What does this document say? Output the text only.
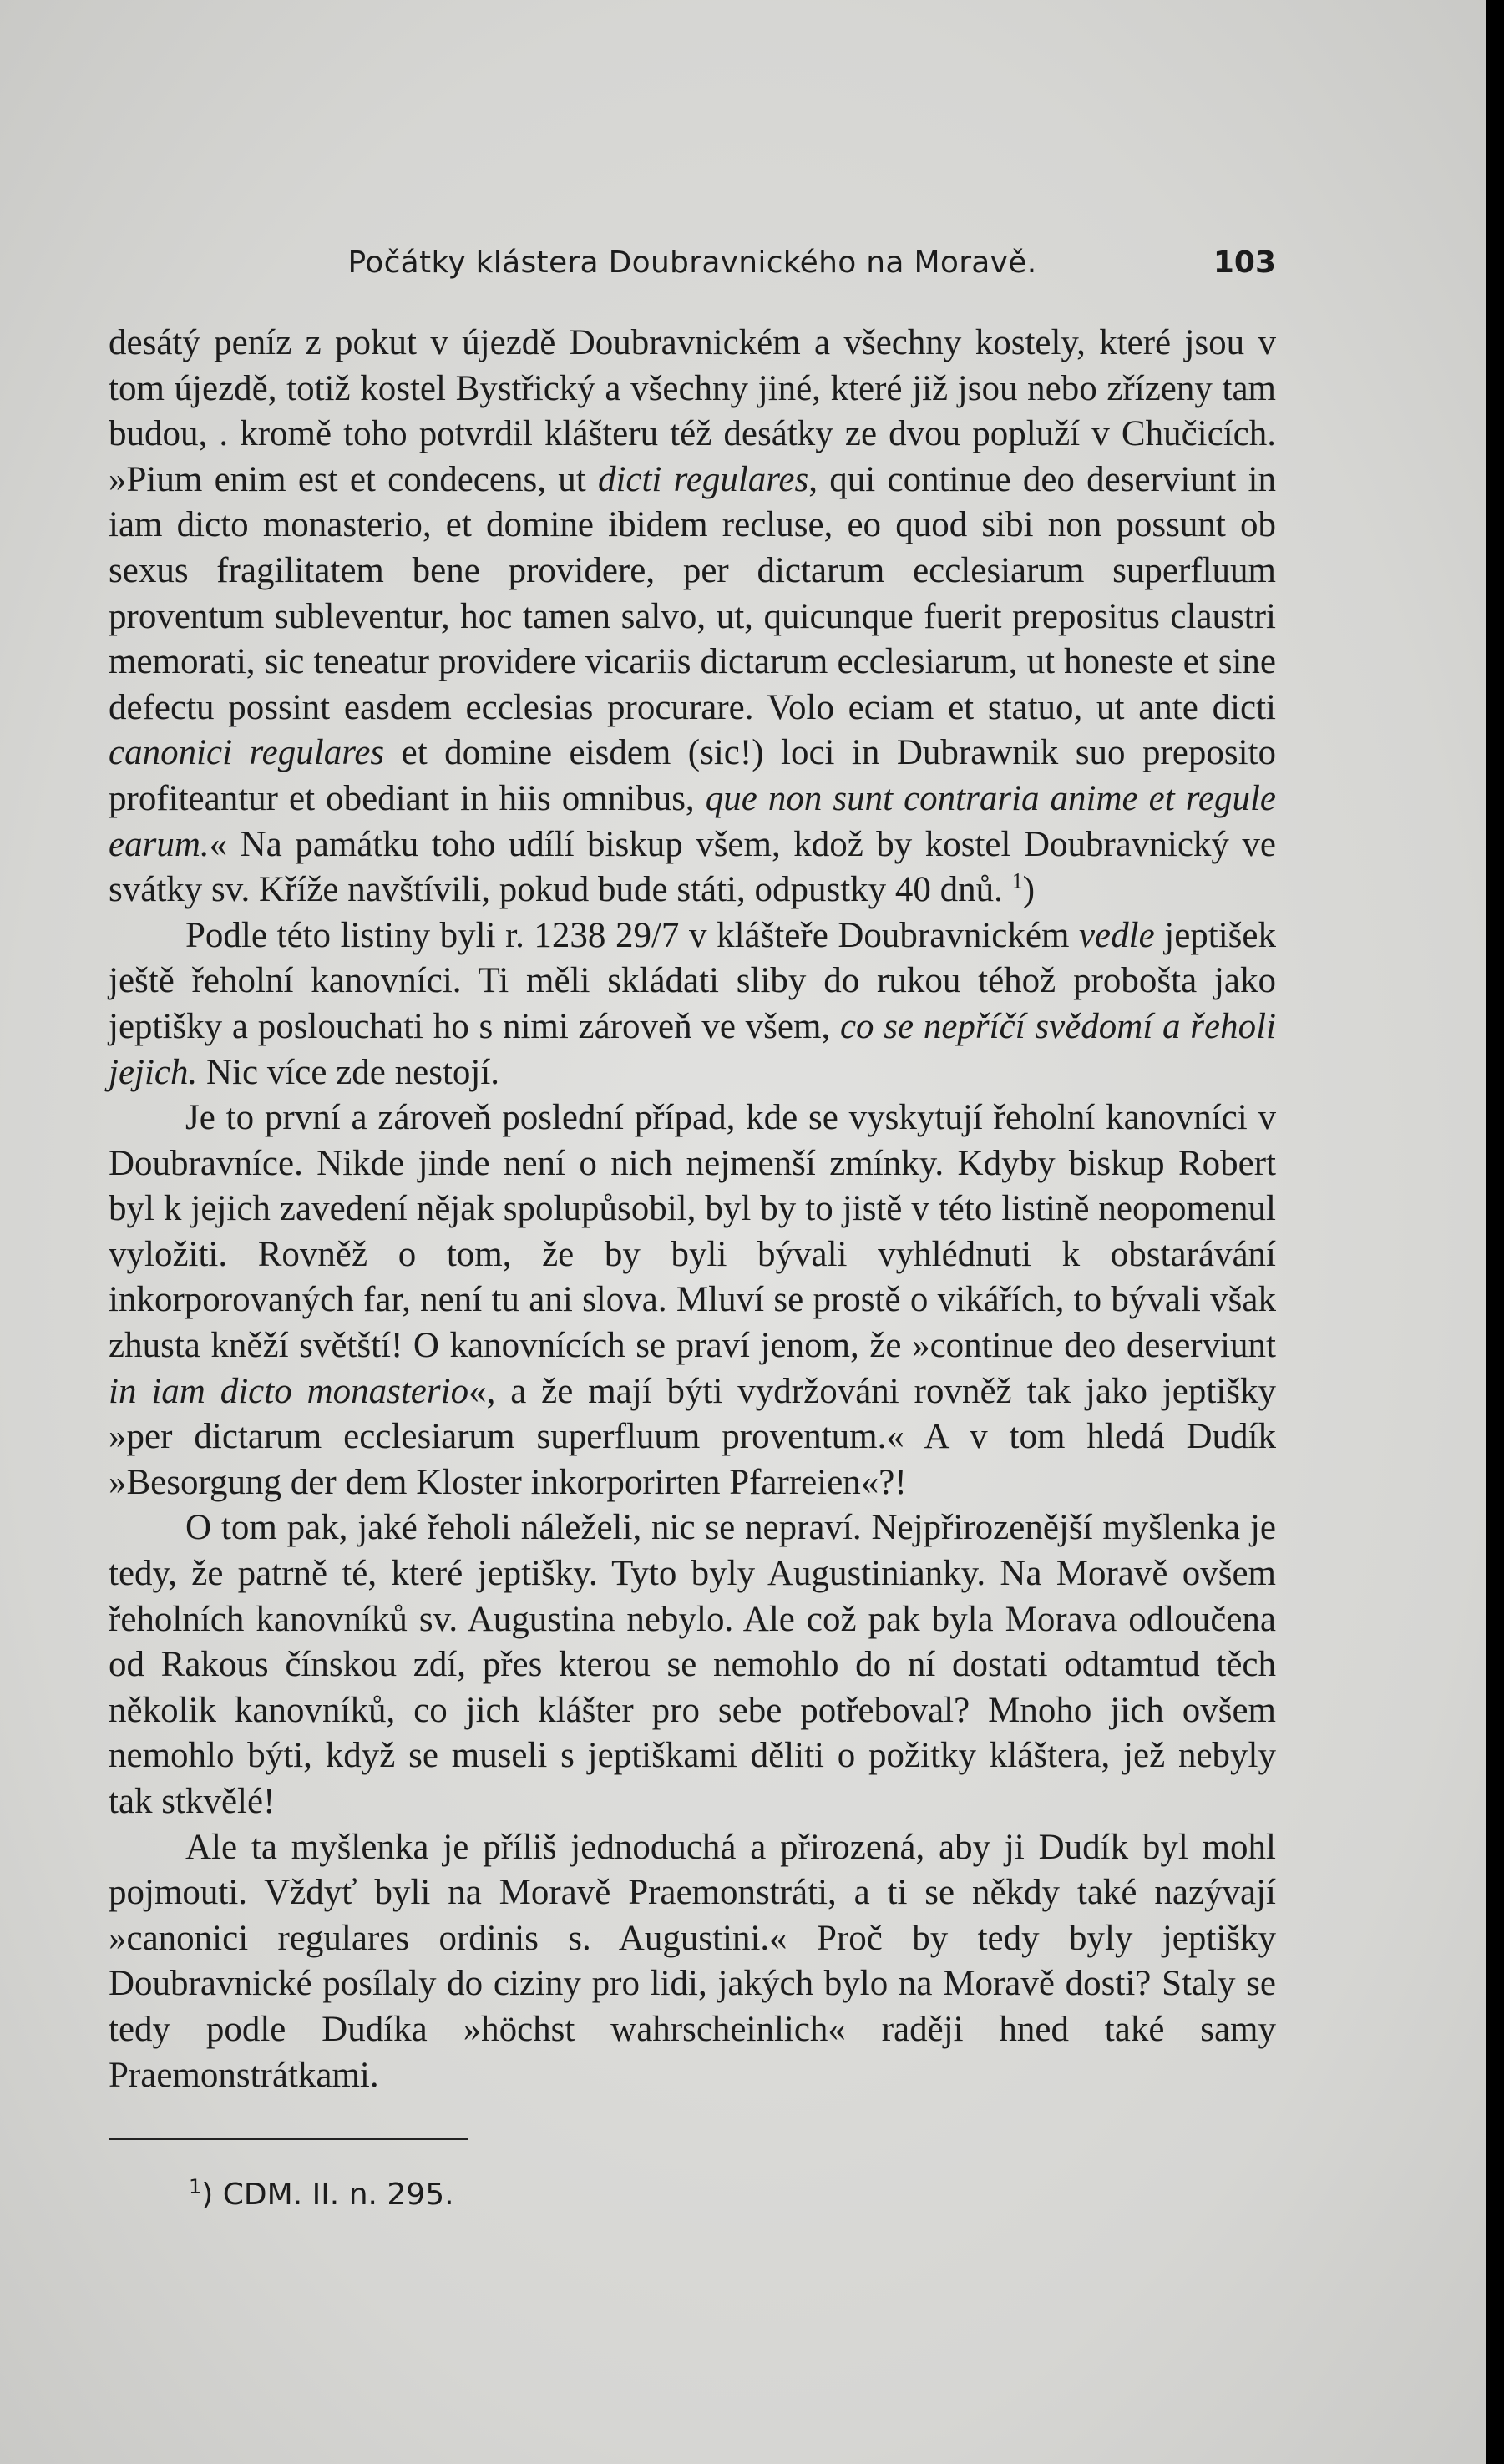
Počátky klástera Doubravnického na Moravě.	103

desátý peníz z pokut v újezdě Doubravnickém a všechny kostely, které jsou v tom újezdě, totiž kostel Bystřický a všechny jiné, které již jsou nebo zřízeny tam budou, . kromě toho potvrdil klášteru též desátky ze dvou popluží v Chučicích. »Pium enim est et condecens, ut dicti regulares, qui continue deo deserviunt in iam dicto monasterio, et domine ibidem recluse, eo quod sibi non possunt ob sexus fragilitatem bene providere, per dictarum ecclesiarum superfluum proventum subleventur, hoc tamen salvo, ut, quicunque fuerit prepositus claustri memorati, sic teneatur providere vicariis dictarum ecclesiarum, ut honeste et sine defectu possint easdem ecclesias procurare. Volo eciam et statuo, ut ante dicti canonici regulares et domine eisdem (sic!) loci in Dubrawnik suo preposito profiteantur et obediant in hiis omnibus, que non sunt contraria anime et regule earum.« Na památku toho udílí biskup všem, kdož by kostel Doubravnický ve svátky sv. Kříže navštívili, pokud bude státi, odpustky 40 dnů. $^1$)

Podle této listiny byli r. 1238 29/7 v klášteře Doubravnickém vedle jeptišek ještě řeholní kanovníci. Ti měli skládati sliby do rukou téhož probošta jako jeptišky a poslouchati ho s nimi zároveň ve všem, co se nepříčí svědomí a řeholi jejich. Nic více zde nestojí.

Je to první a zároveň poslední případ, kde se vyskytují řeholní kanovníci v Doubravníce. Nikde jinde není o nich nejmenší zmínky. Kdyby biskup Robert byl k jejich zavedení nějak spolupůsobil, byl by to jistě v této listině neopomenul vyložiti. Rovněž o tom, že by byli bývali vyhlédnuti k obstarávání inkorporovaných far, není tu ani slova. Mluví se prostě o vikářích, to bývali však zhusta kněží světští! O kanovnících se praví jenom, že »continue deo deserviunt in iam dicto monasterio«, a že mají býti vydržováni rovněž tak jako jeptišky »per dictarum ecclesiarum superfluum proventum.« A v tom hledá Dudík »Besorgung der dem Kloster inkorporirten Pfarreien«?!

O tom pak, jaké řeholi náleželi, nic se nepraví. Nejpřirozenější myšlenka je tedy, že patrně té, které jeptišky. Tyto byly Augustinianky. Na Moravě ovšem řeholních kanovníků sv. Augustina nebylo. Ale což pak byla Morava odloučena od Rakous čínskou zdí, přes kterou se nemohlo do ní dostati odtamtud těch několik kanovníků, co jich klášter pro sebe potřeboval? Mnoho jich ovšem nemohlo býti, když se museli s jeptiškami děliti o požitky kláštera, jež nebyly tak stkvělé!

Ale ta myšlenka je příliš jednoduchá a přirozená, aby ji Dudík byl mohl pojmouti. Vždyť byli na Moravě Praemonstráti, a ti se někdy také nazývají »canonici regulares ordinis s. Augustini.« Proč by tedy byly jeptišky Doubravnické posílaly do ciziny pro lidi, jakých bylo na Moravě dosti? Staly se tedy podle Dudíka »höchst wahrscheinlich« raději hned také samy Praemonstrátkami.

$^1$) CDM. II. n. 295.
